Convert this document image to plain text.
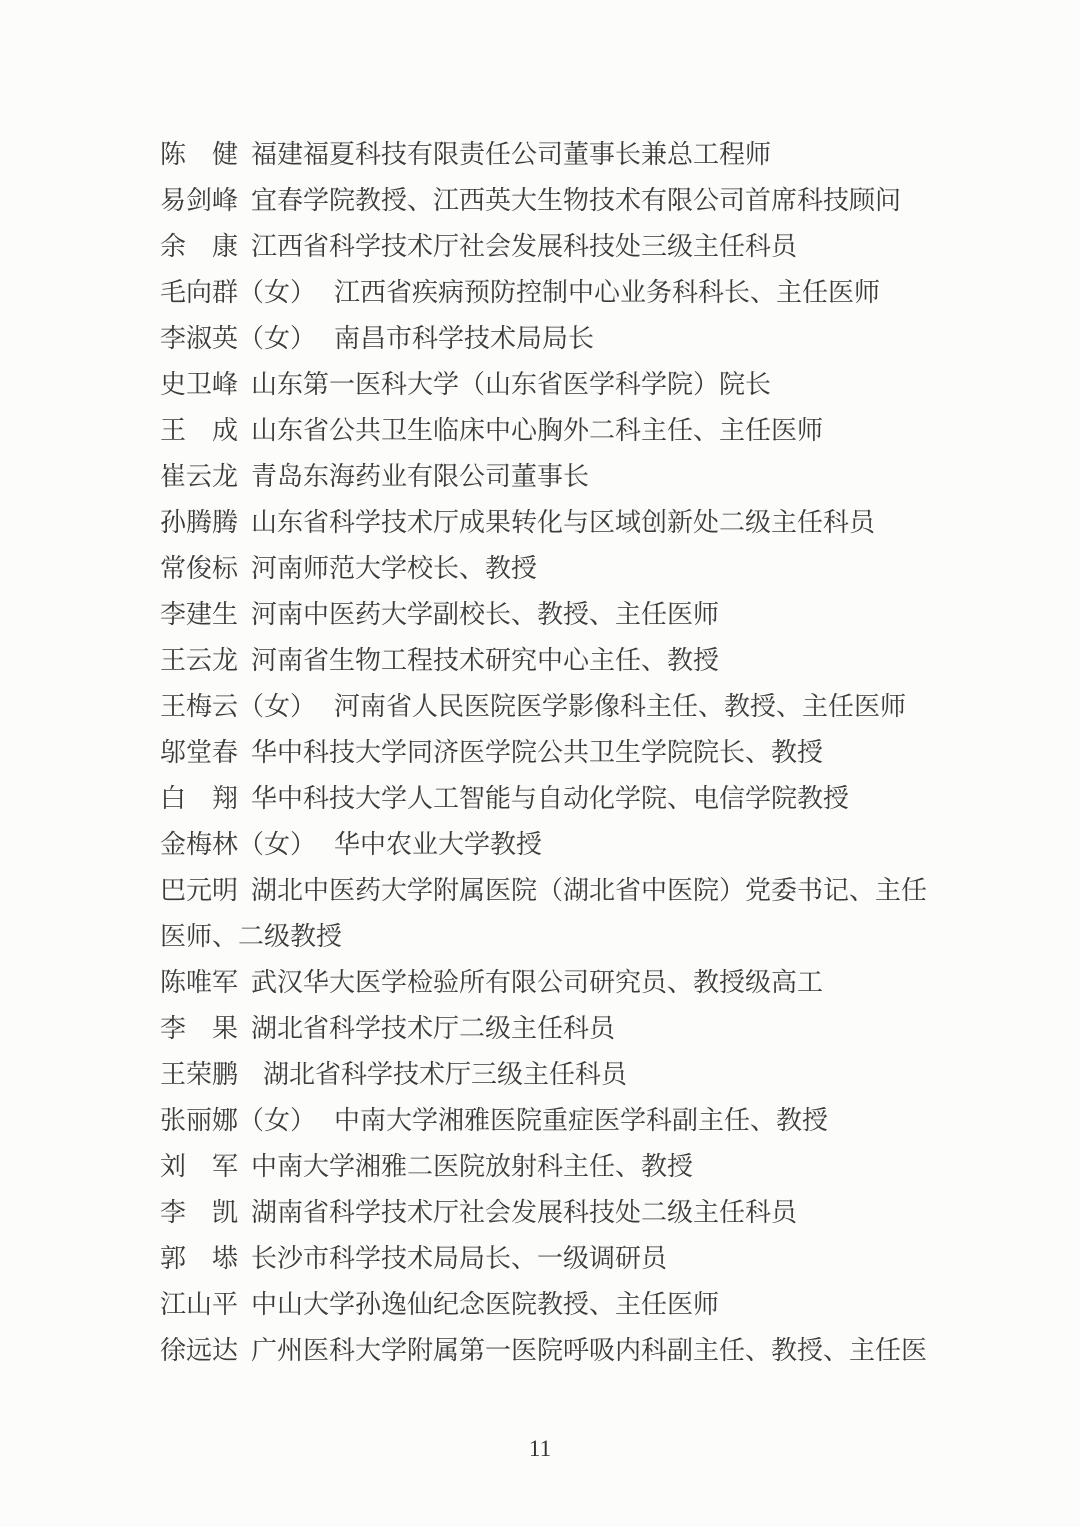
陈 健 福建福夏科技有限责任公司董事长兼总工程师
易剑峰 宜春学院教授、江西英大生物技术有限公司首席科技顾问
余 康 江西省科学技术厅社会发展科技处三级主任科员
毛向群（女） 江西省疾病预防控制中心业务科科长、主任医师
李淑英（女） 南昌市科学技术局局长
史卫峰 山东第一医科大学（山东省医学科学院）院长
王 成 山东省公共卫生临床中心胸外二科主任、主任医师
崔云龙 青岛东海药业有限公司董事长
孙腾腾 山东省科学技术厅成果转化与区域创新处二级主任科员
常俊标 河南师范大学校长、教授
李建生 河南中医药大学副校长、教授、主任医师
王云龙 河南省生物工程技术研究中心主任、教授
王梅云（女） 河南省人民医院医学影像科主任、教授、主任医师
邬堂春 华中科技大学同济医学院公共卫生学院院长、教授
白 翔 华中科技大学人工智能与自动化学院、电信学院教授
金梅林（女） 华中农业大学教授
巴元明 湖北中医药大学附属医院（湖北省中医院）党委书记、主任
医师、二级教授
陈唯军 武汉华大医学检验所有限公司研究员、教授级高工
李 果 湖北省科学技术厅二级主任科员
王荣鹏 湖北省科学技术厅三级主任科员
张丽娜（女） 中南大学湘雅医院重症医学科副主任、教授
刘 军 中南大学湘雅二医院放射科主任、教授
李 凯 湖南省科学技术厅社会发展科技处二级主任科员
郭 塨 长沙市科学技术局局长、一级调研员
江山平 中山大学孙逸仙纪念医院教授、主任医师
徐远达 广州医科大学附属第一医院呼吸内科副主任、教授、主任医
11
